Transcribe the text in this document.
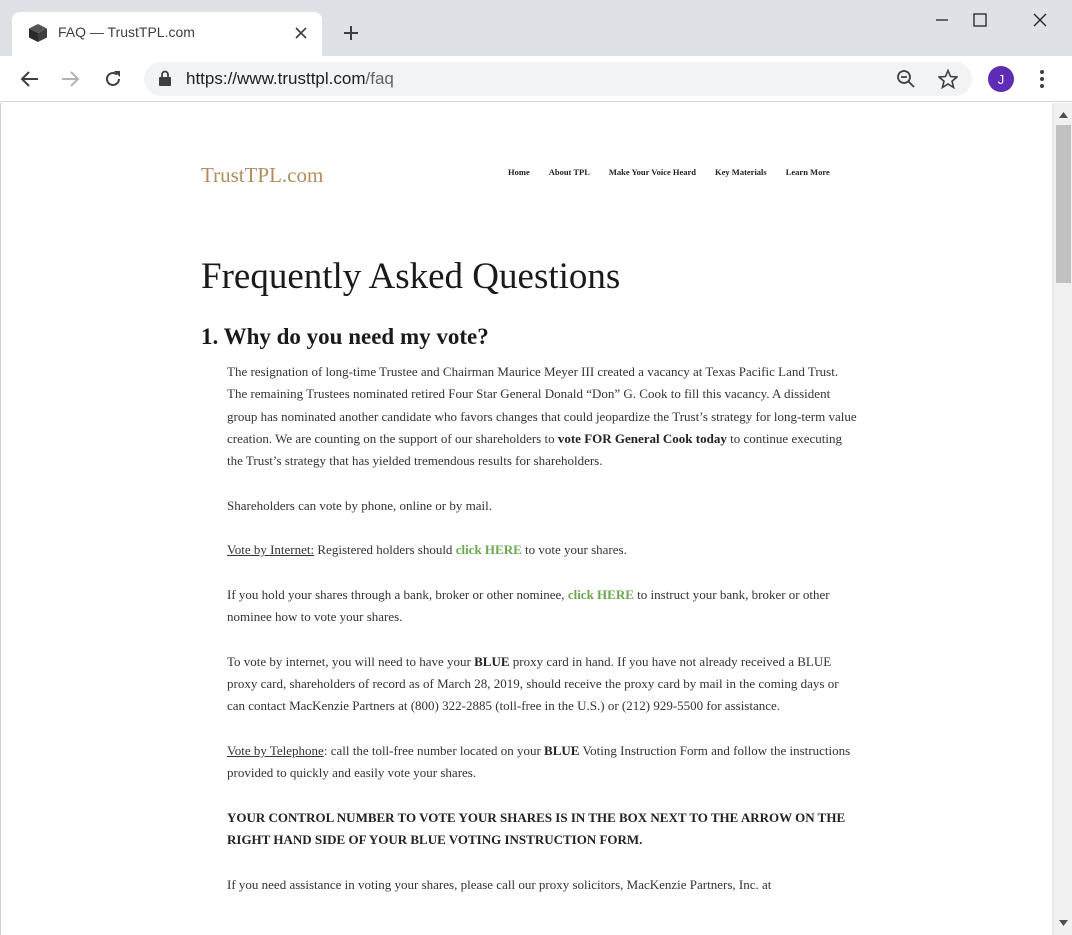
FAQ — TrustTPL.com
https://www.trusttpl.com/faq	J
TrustTPL.com	Home About TPL Make Your Voice Heard Key Materials Learn More
Frequently Asked Questions
1. Why do you need my vote?

The resignation of long-time Trustee and Chairman Maurice Meyer III created a vacancy at Texas Pacific Land Trust. The remaining Trustees nominated retired Four Star General Donald “Don” G. Cook to fill this vacancy. A dissident group has nominated another candidate who favors changes that could jeopardize the Trust’s strategy for long-term value creation. We are counting on the support of our shareholders to vote FOR General Cook today to continue executing the Trust’s strategy that has yielded tremendous results for shareholders.

Shareholders can vote by phone, online or by mail.

Vote by Internet: Registered holders should click HERE to vote your shares.

If you hold your shares through a bank, broker or other nominee, click HERE to instruct your bank, broker or other nominee how to vote your shares.

To vote by internet, you will need to have your BLUE proxy card in hand. If you have not already received a BLUE proxy card, shareholders of record as of March 28, 2019, should receive the proxy card by mail in the coming days or can contact MacKenzie Partners at (800) 322-2885 (toll-free in the U.S.) or (212) 929-5500 for assistance.

Vote by Telephone: call the toll-free number located on your BLUE Voting Instruction Form and follow the instructions provided to quickly and easily vote your shares.

YOUR CONTROL NUMBER TO VOTE YOUR SHARES IS IN THE BOX NEXT TO THE ARROW ON THE RIGHT HAND SIDE OF YOUR BLUE VOTING INSTRUCTION FORM.

If you need assistance in voting your shares, please call our proxy solicitors, MacKenzie Partners, Inc. at
